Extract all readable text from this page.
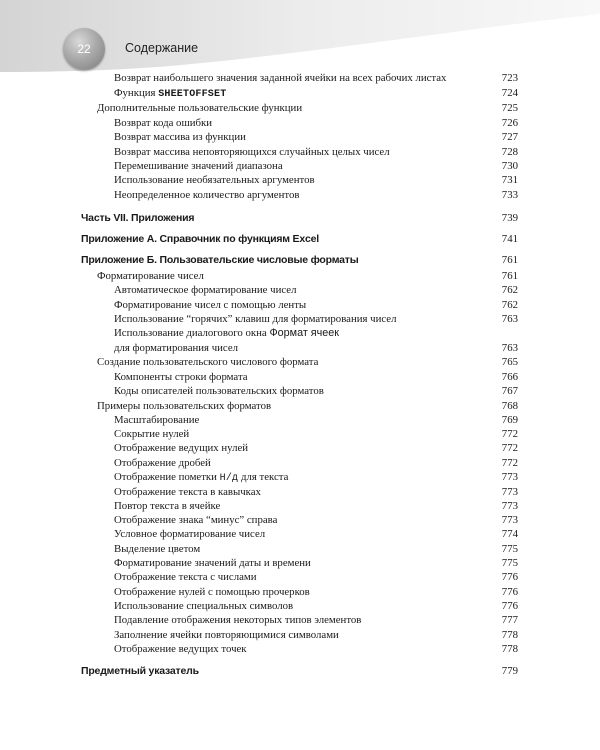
22	Содержание
Возврат наибольшего значения заданной ячейки на всех рабочих листах	723
Функция SHEETOFFSET	724
Дополнительные пользовательские функции	725
Возврат кода ошибки	726
Возврат массива из функции	727
Возврат массива неповторяющихся случайных целых чисел	728
Перемешивание значений диапазона	730
Использование необязательных аргументов	731
Неопределенное количество аргументов	733
Часть VII. Приложения	739
Приложение А. Справочник по функциям Excel	741
Приложение Б. Пользовательские числовые форматы	761
Форматирование чисел	761
Автоматическое форматирование чисел	762
Форматирование чисел с помощью ленты	762
Использование “горячих” клавиш для форматирования чисел	763
Использование диалогового окна Формат ячеек
для форматирования чисел	763
Создание пользовательского числового формата	765
Компоненты строки формата	766
Коды описателей пользовательских форматов	767
Примеры пользовательских форматов	768
Масштабирование	769
Сокрытие нулей	772
Отображение ведущих нулей	772
Отображение дробей	772
Отображение пометки Н/д для текста	773
Отображение текста в кавычках	773
Повтор текста в ячейке	773
Отображение знака “минус” справа	773
Условное форматирование чисел	774
Выделение цветом	775
Форматирование значений даты и времени	775
Отображение текста с числами	776
Отображение нулей с помощью прочерков	776
Использование специальных символов	776
Подавление отображения некоторых типов элементов	777
Заполнение ячейки повторяющимися символами	778
Отображение ведущих точек	778
Предметный указатель	779
